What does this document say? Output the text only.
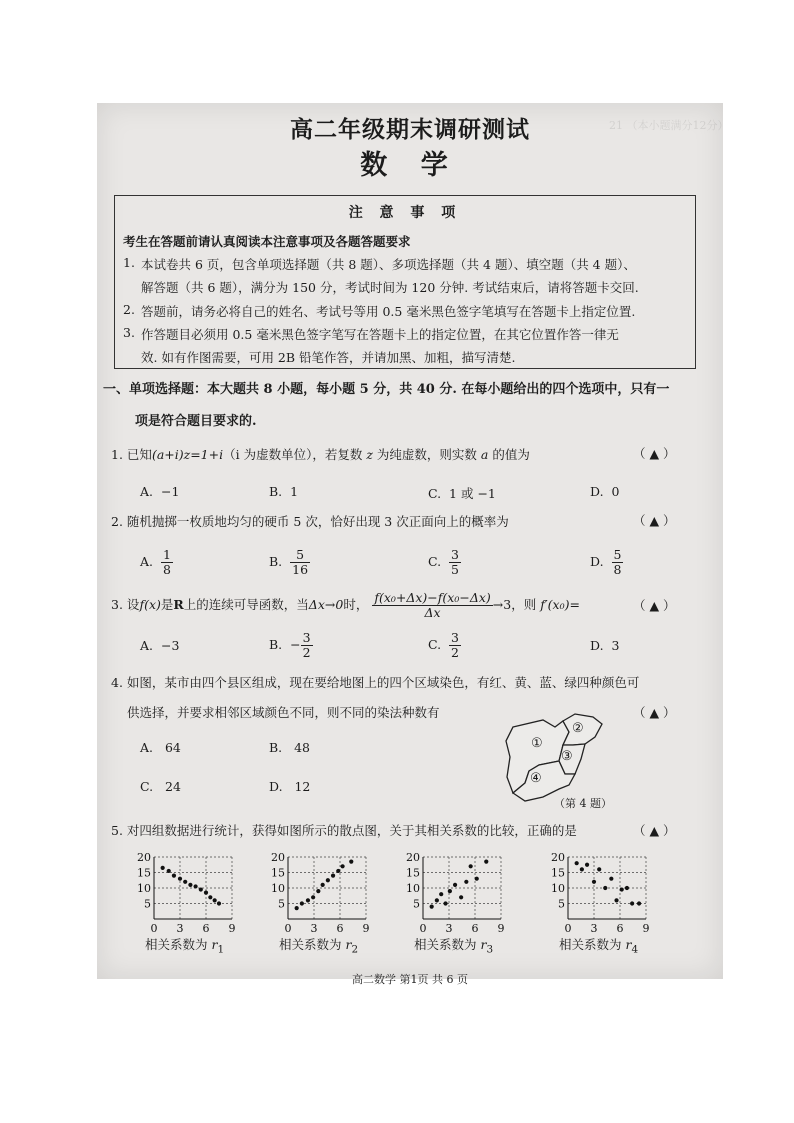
21 （本小题满分12分）
高二年级期末调研测试
数 学
注 意 事 项
考生在答题前请认真阅读本注意事项及各题答题要求
1. 本试卷共 6 页，包含单项选择题（共 8 题）、多项选择题（共 4 题）、填空题（共 4 题）、
解答题（共 6 题），满分为 150 分，考试时间为 120 分钟. 考试结束后，请将答题卡交回.
2. 答题前，请务必将自己的姓名、考试号等用 0.5 毫米黑色签字笔填写在答题卡上指定位置.
3. 作答题目必须用 0.5 毫米黑色签字笔写在答题卡上的指定位置，在其它位置作答一律无
效. 如有作图需要，可用 2B 铅笔作答，并请加黑、加粗，描写清楚.
一、单项选择题：本大题共 8 小题，每小题 5 分，共 40 分. 在每小题给出的四个选项中，只有一
项是符合题目要求的.
1. 已知(a+i)z=1+i（i 为虚数单位），若复数 z 为纯虚数，则实数 a 的值为	（ ▲ ）
A. −1	B. 1	C. 1 或 −1	D. 0
2. 随机抛掷一枚质地均匀的硬币 5 次，恰好出现 3 次正面向上的概率为	（ ▲ ）
A. $\frac{1}{8}$	B. $\frac{5}{16}$	C. $\frac{3}{5}$	D. $\frac{5}{8}$
3. 设f(x)是R上的连续可导函数，当Δx→0时， $\frac{\text{f(x₀+Δx)−f(x₀−Δx)}}{\Delta x} \to 3$，则 f′(x₀)=	（ ▲ ）
A. −3	B. − $\frac{3}{2}$	C. $\frac{3}{2}$	D. 3
4. 如图，某市由四个县区组成，现在要给地图上的四个区域染色，有红、黄、蓝、绿四种颜色可
供选择，并要求相邻区域颜色不同，则不同的染法种数有	（ ▲ ）
A. 64	B. 48
C. 24	D. 12
①
②
③
④
（第 4 题）
5. 对四组数据进行统计，获得如图所示的散点图，关于其相关系数的比较，正确的是	（ ▲ ）
0 3 6 9
5
10
15
20
0 3 6 9
5
10
15
20
0 3 6 9
5
10
15
20
0 3 6 9
5
10
15
20
相关系数为 $r_1$	相关系数为 $r_2$	相关系数为 $r_3$	相关系数为 $r_4$
高二数学 第1页 共 6 页
